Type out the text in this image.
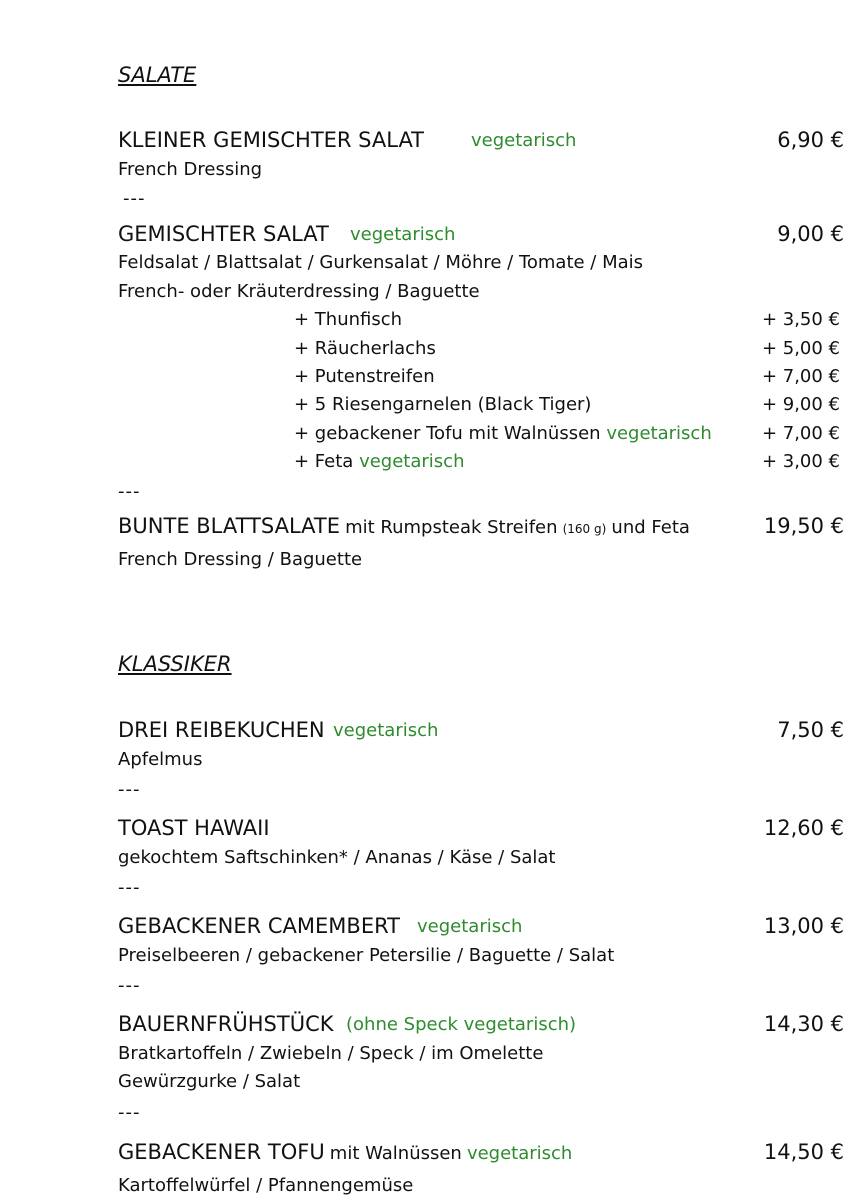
SALATE
KLEINER GEMISCHTER SALAT	vegetarisch	6,90 €
French Dressing
---
GEMISCHTER SALAT vegetarisch	9,00 €
Feldsalat / Blattsalat / Gurkensalat / Möhre / Tomate / Mais
French- oder Kräuterdressing / Baguette
+ Thunfisch	+ 3,50 €
+ Räucherlachs	+ 5,00 €
+ Putenstreifen	+ 7,00 €
+ 5 Riesengarnelen (Black Tiger)	+ 9,00 €
+ gebackener Tofu mit Walnüssen vegetarisch	+ 7,00 €
+ Feta vegetarisch	+ 3,00 €
---
BUNTE BLATTSALATE mit Rumpsteak Streifen (160 g) und Feta	19,50 €
French Dressing / Baguette
KLASSIKER
DREI REIBEKUCHEN vegetarisch	7,50 €
Apfelmus
---
TOAST HAWAII	12,60 €
gekochtem Saftschinken* / Ananas / Käse / Salat
---
GEBACKENER CAMEMBERT vegetarisch	13,00 €
Preiselbeeren / gebackener Petersilie / Baguette / Salat
---
BAUERNFRÜHSTÜCK (ohne Speck vegetarisch)	14,30 €
Bratkartoffeln / Zwiebeln / Speck / im Omelette
Gewürzgurke / Salat
---
GEBACKENER TOFU mit Walnüssen vegetarisch	14,50 €
Kartoffelwürfel / Pfannengemüse
